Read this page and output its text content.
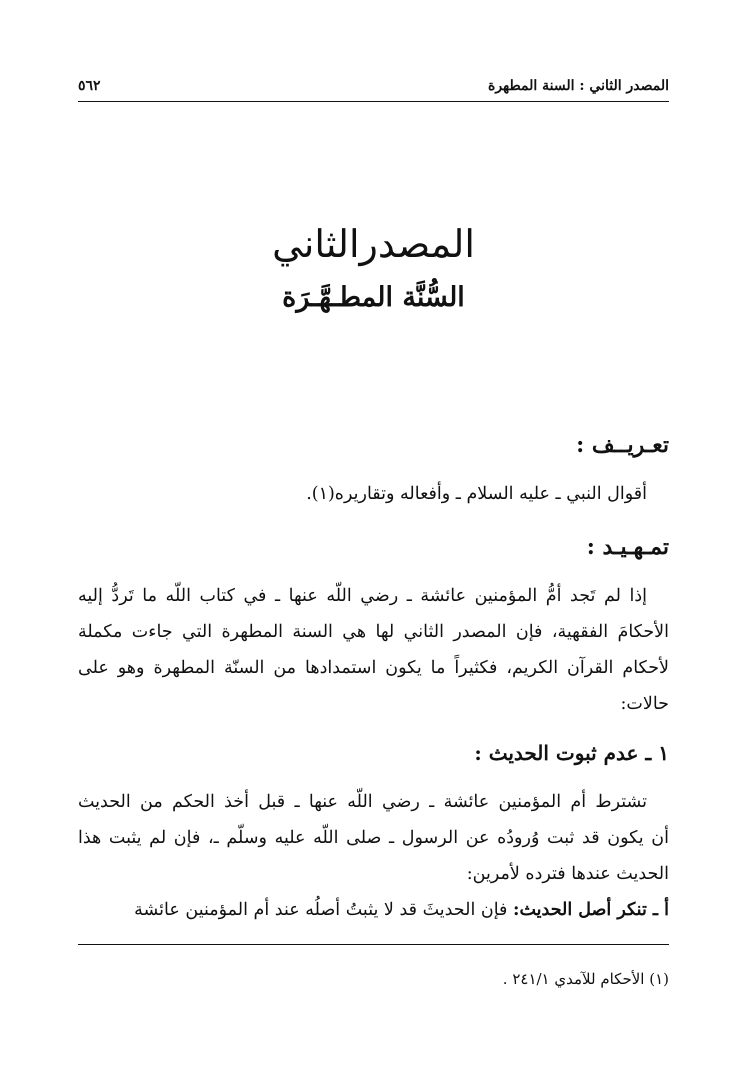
المصدر الثاني : السنة المطهرة
٥٦٢
المصدرالثاني
السُّنَّة المطـهَّـرَة
تعـريــف :
أقوال النبي ـ عليه السلام ـ وأفعاله وتقاريره(١).
تمـهـيـد :
إذا لم تَجد أمُّ المؤمنين عائشة ـ رضي اللّه عنها ـ في كتاب اللّه ما تَردُّ إليه
الأحكامَ الفقهية، فإن المصدر الثاني لها هي السنة المطهرة التي جاءت مكملة
لأحكام القرآن الكريم، فكثيراً ما يكون استمدادها من السنّة المطهرة وهو على
حالات:
١ ـ عدم ثبوت الحديث :
تشترط أم المؤمنين عائشة ـ رضي اللّه عنها ـ قبل أخذ الحكم من الحديث
أن يكون قد ثبت وُرودُه عن الرسول ـ صلى اللّه عليه وسلّم ـ، فإن لم يثبت هذا
الحديث عندها فترده لأمرين:
أ ـ تنكر أصل الحديث: فإن الحديثَ قد لا يثبتُ أصلُه عند أم المؤمنين عائشة
(١) الأحكام للآمدي ٢٤١/١ .
